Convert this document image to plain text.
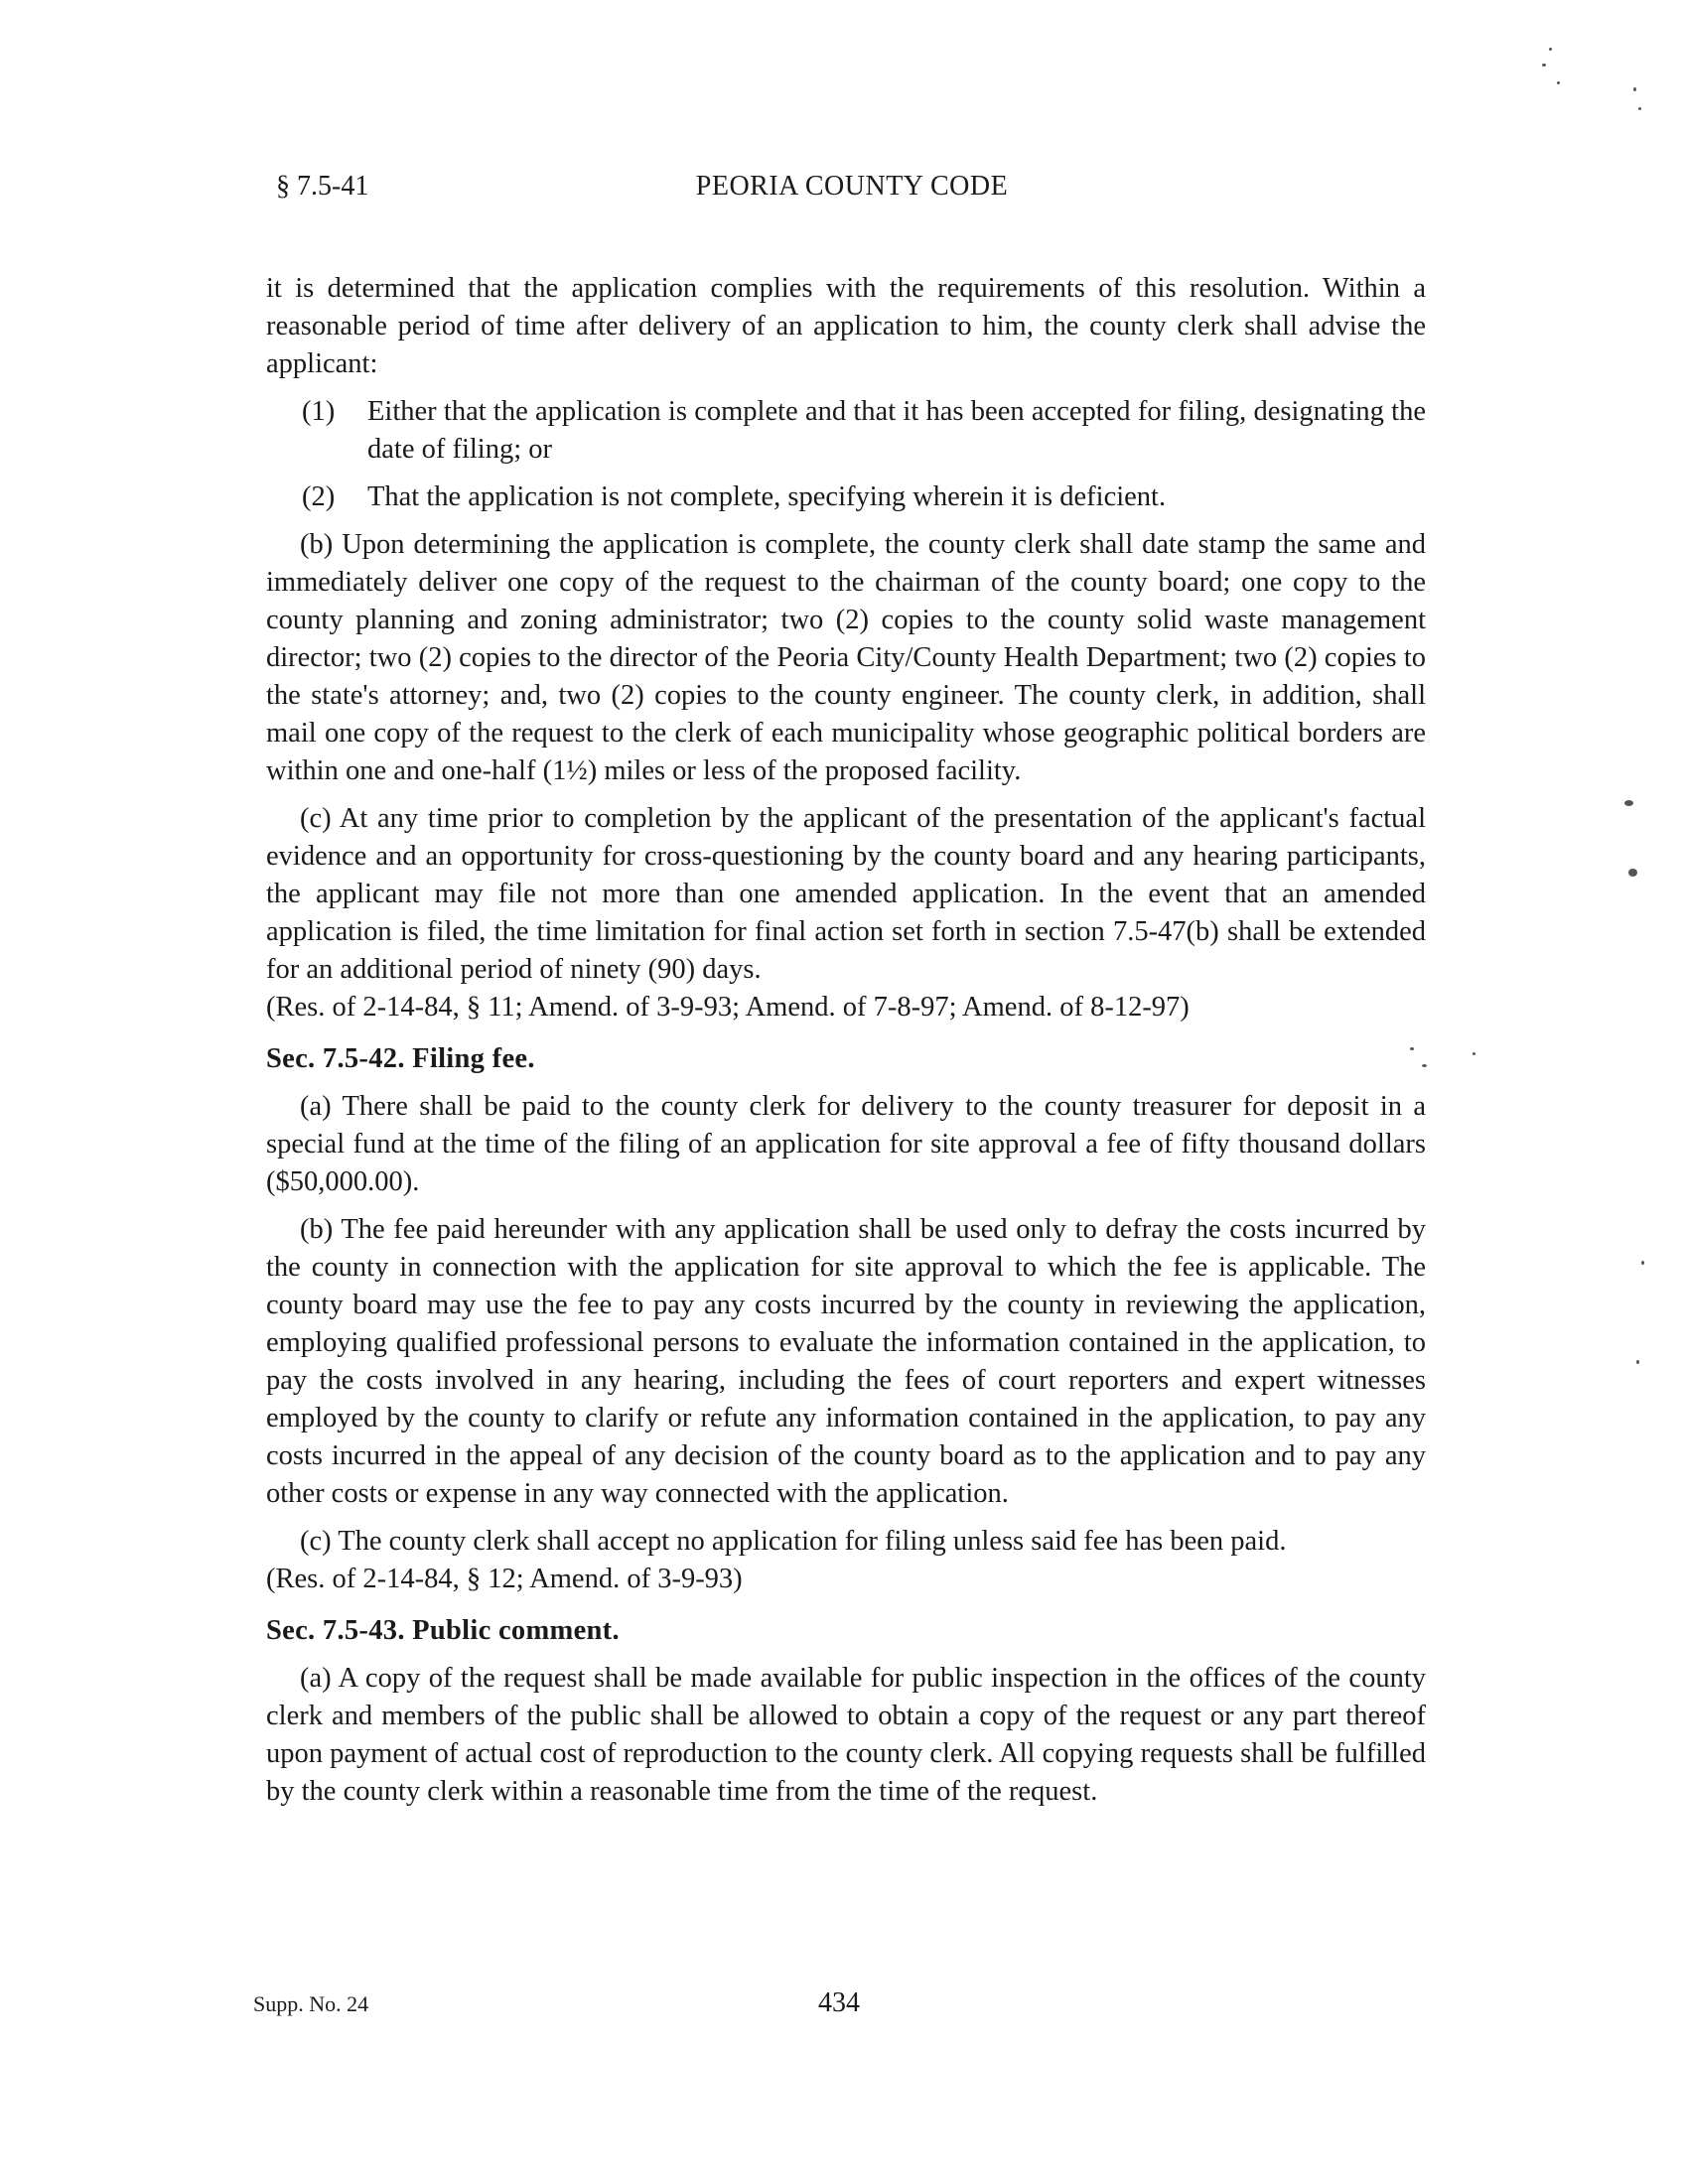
§ 7.5-41	PEORIA COUNTY CODE

it is determined that the application complies with the requirements of this resolution. Within a reasonable period of time after delivery of an application to him, the county clerk shall advise the applicant:

(1)	Either that the application is complete and that it has been accepted for filing, designating the date of filing; or
(2)	That the application is not complete, specifying wherein it is deficient.

(b) Upon determining the application is complete, the county clerk shall date stamp the same and immediately deliver one copy of the request to the chairman of the county board; one copy to the county planning and zoning administrator; two (2) copies to the county solid waste management director; two (2) copies to the director of the Peoria City/County Health Department; two (2) copies to the state's attorney; and, two (2) copies to the county engineer. The county clerk, in addition, shall mail one copy of the request to the clerk of each municipality whose geographic political borders are within one and one-half (1½) miles or less of the proposed facility.

(c) At any time prior to completion by the applicant of the presentation of the applicant's factual evidence and an opportunity for cross-questioning by the county board and any hearing participants, the applicant may file not more than one amended application. In the event that an amended application is filed, the time limitation for final action set forth in section 7.5-47(b) shall be extended for an additional period of ninety (90) days.

(Res. of 2-14-84, § 11; Amend. of 3-9-93; Amend. of 7-8-97; Amend. of 8-12-97)

Sec. 7.5-42. Filing fee.

(a) There shall be paid to the county clerk for delivery to the county treasurer for deposit in a special fund at the time of the filing of an application for site approval a fee of fifty thousand dollars ($50,000.00).

(b) The fee paid hereunder with any application shall be used only to defray the costs incurred by the county in connection with the application for site approval to which the fee is applicable. The county board may use the fee to pay any costs incurred by the county in reviewing the application, employing qualified professional persons to evaluate the information contained in the application, to pay the costs involved in any hearing, including the fees of court reporters and expert witnesses employed by the county to clarify or refute any information contained in the application, to pay any costs incurred in the appeal of any decision of the county board as to the application and to pay any other costs or expense in any way connected with the application.

(c) The county clerk shall accept no application for filing unless said fee has been paid.

(Res. of 2-14-84, § 12; Amend. of 3-9-93)

Sec. 7.5-43. Public comment.

(a) A copy of the request shall be made available for public inspection in the offices of the county clerk and members of the public shall be allowed to obtain a copy of the request or any part thereof upon payment of actual cost of reproduction to the county clerk. All copying requests shall be fulfilled by the county clerk within a reasonable time from the time of the request.

Supp. No. 24	434
